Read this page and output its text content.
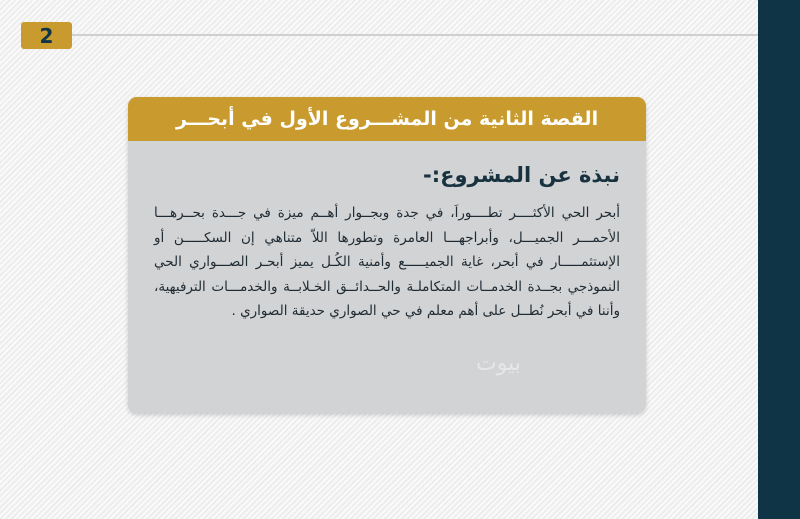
2
القصة الثانية من المشـــروع الأول في أبحـــر
نبذة عن المشروع:-

أبحر الحي الأكثــــر تطــــوراَ، في جدة وبجــوار أهــم ميزة في جـــدة بحــرهـــا الأحمـــر الجميـــل، وأبراجهـــا العامرة وتطورها اللاّ متناهي إن السكـــــن أو الإستثمـــــار في أبحر، غاية الجميـــــع وأمنية الكُـل يميز أبحـر الصـــواري الحي النموذجي بجــدة الخدمــات المتكاملـة والحــدائــق الخـلابــة والخدمـــات الترفيهية، وأننا في أبحر نُطــل على أهم معلم في حي الصواري حديقة الصواري .

بيوت
